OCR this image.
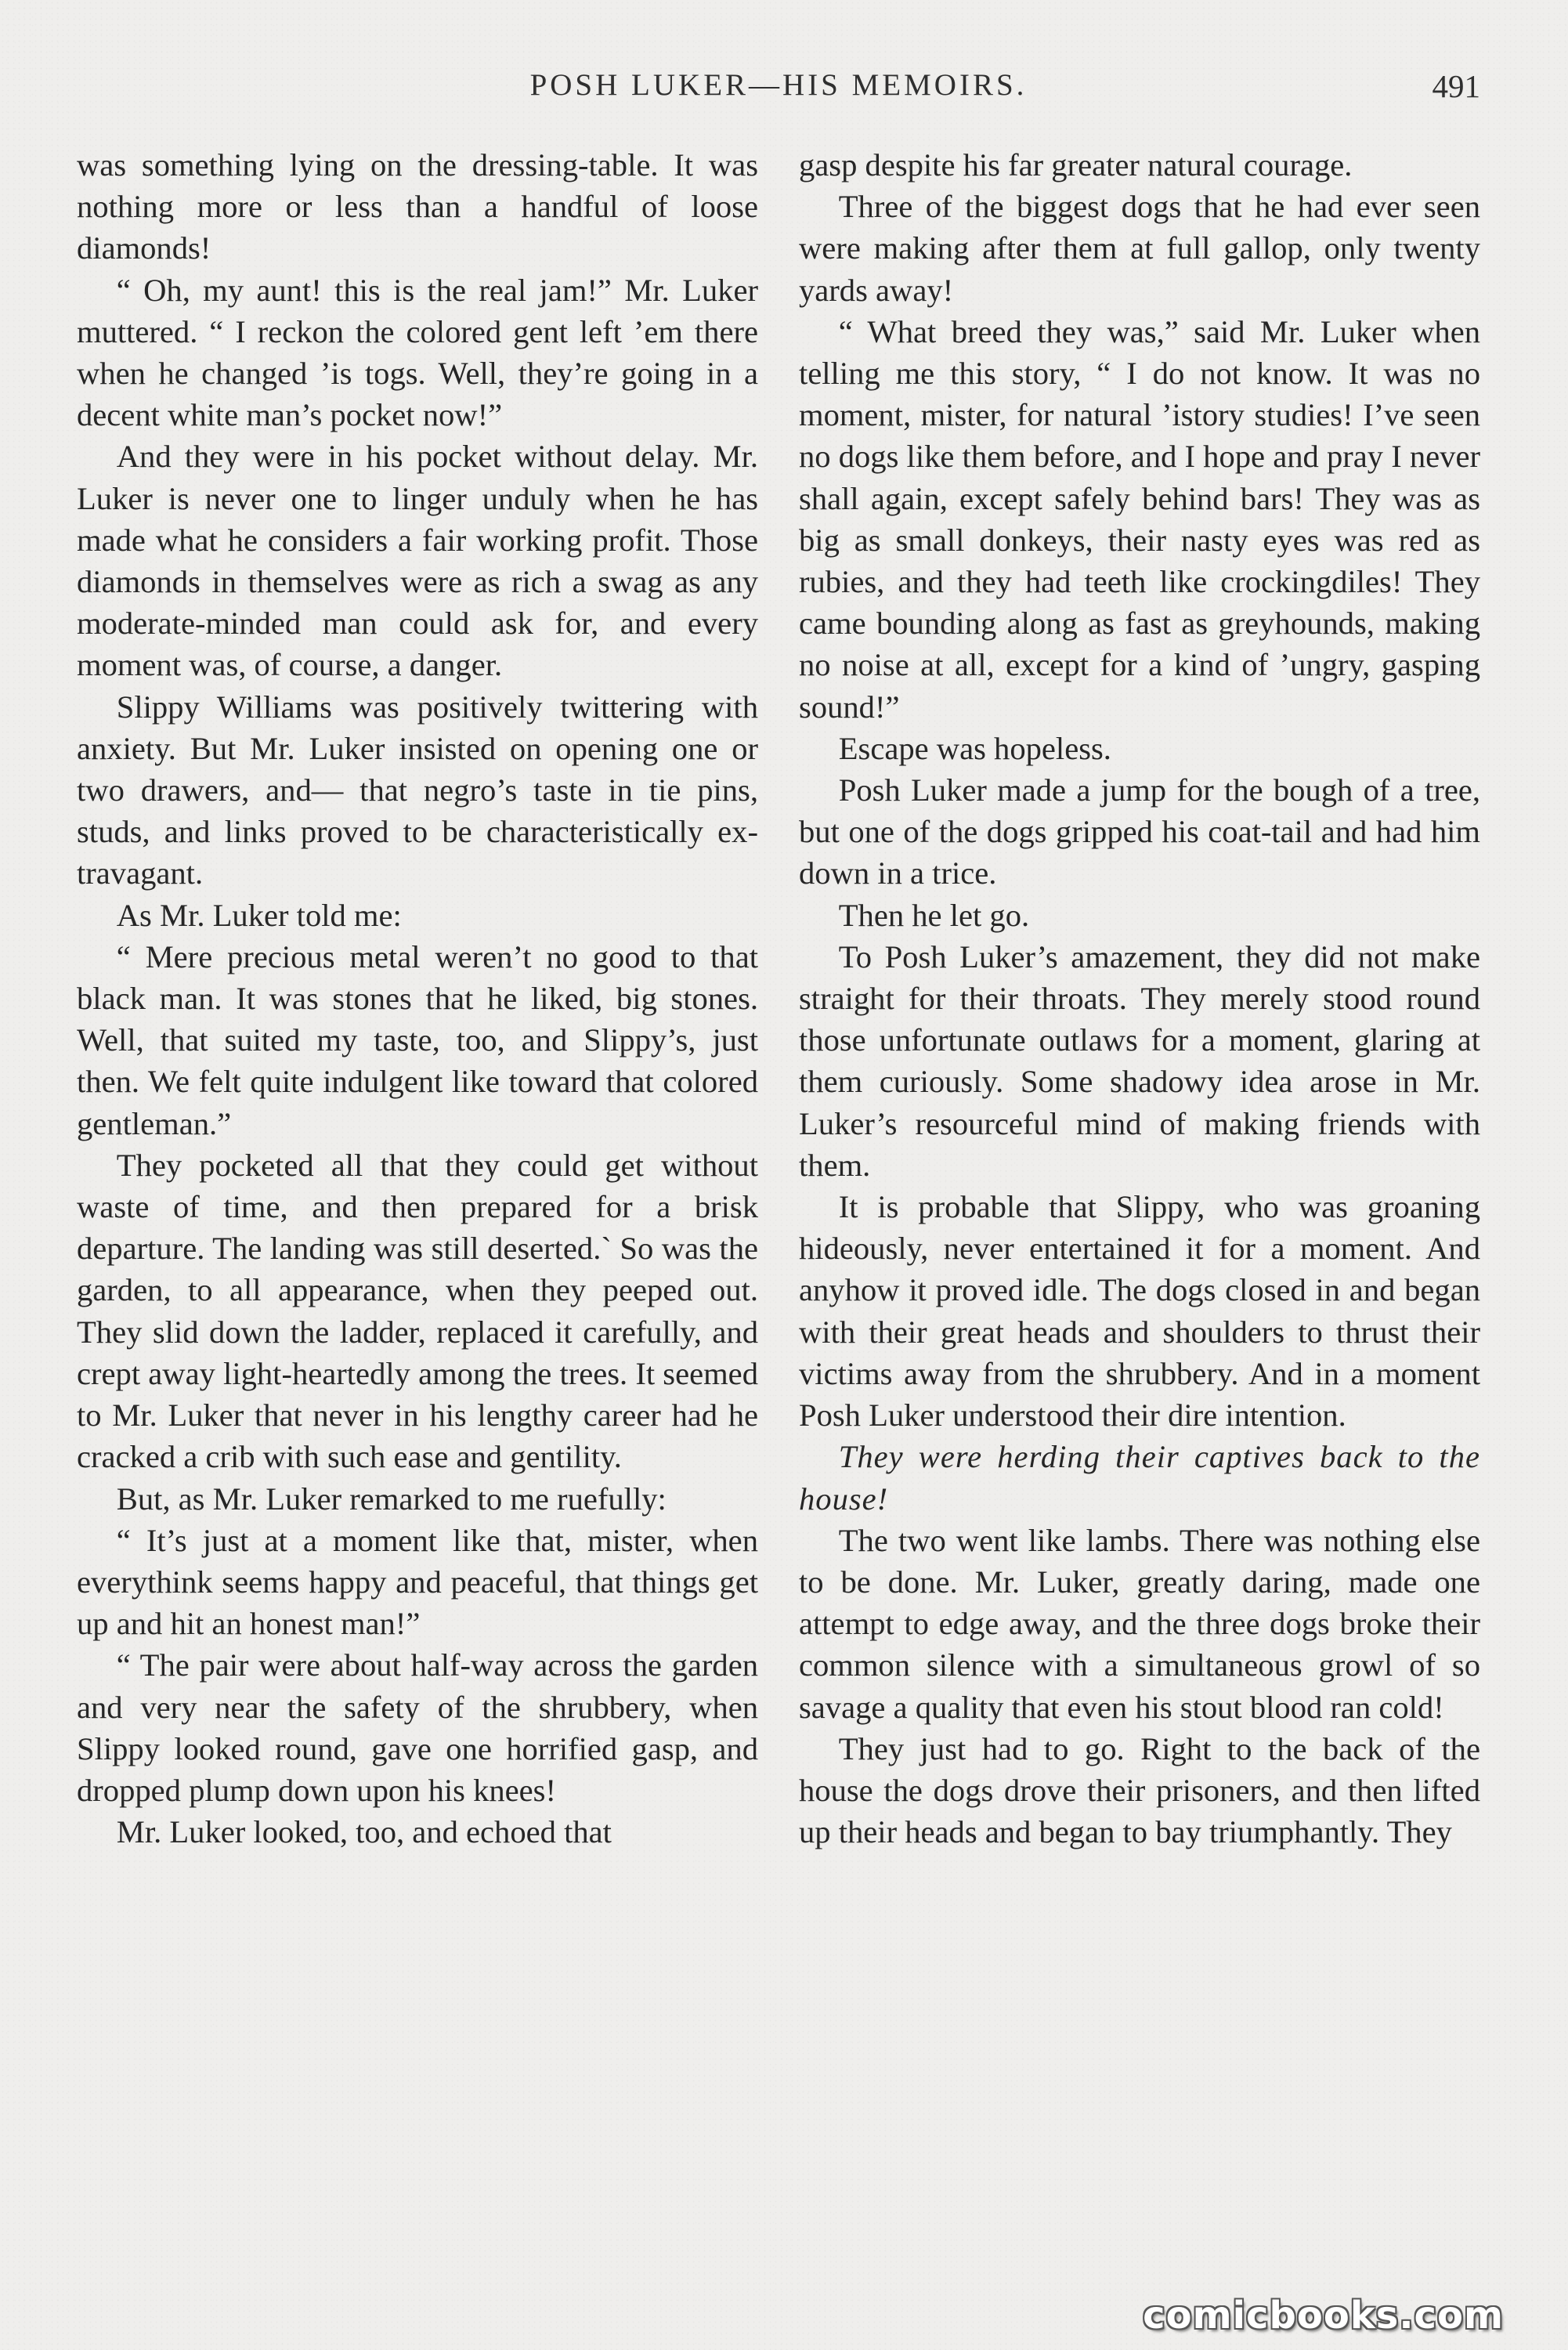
POSH LUKER—HIS MEMOIRS.	491

was something lying on the dressing-table. It was nothing more or less than a handful of loose diamonds!

“ Oh, my aunt! this is the real jam!” Mr. Luker muttered. “ I reckon the colored gent left ’em there when he changed ’is togs. Well, they’re going in a decent white man’s pocket now!”

And they were in his pocket without delay. Mr. Luker is never one to linger unduly when he has made what he considers a fair working profit. Those diamonds in themselves were as rich a swag as any moderate-minded man could ask for, and every moment was, of course, a danger.

Slippy Williams was positively twittering with anxiety. But Mr. Luker insisted on opening one or two drawers, and— that negro’s taste in tie pins, studs, and links proved to be characteristically extravagant.

As Mr. Luker told me:

“ Mere precious metal weren’t no good to that black man. It was stones that he liked, big stones. Well, that suited my taste, too, and Slippy’s, just then. We felt quite indulgent like toward that colored gentleman.”

They pocketed all that they could get without waste of time, and then prepared for a brisk departure. The landing was still deserted.` So was the garden, to all appearance, when they peeped out. They slid down the ladder, replaced it carefully, and crept away light-heartedly among the trees. It seemed to Mr. Luker that never in his lengthy career had he cracked a crib with such ease and gentility.

But, as Mr. Luker remarked to me ruefully:

“ It’s just at a moment like that, mister, when everythink seems happy and peaceful, that things get up and hit an honest man!”

“ The pair were about half-way across the garden and very near the safety of the shrubbery, when Slippy looked round, gave one horrified gasp, and dropped plump down upon his knees!

Mr. Luker looked, too, and echoed that

gasp despite his far greater natural courage.

Three of the biggest dogs that he had ever seen were making after them at full gallop, only twenty yards away!

“ What breed they was,” said Mr. Luker when telling me this story, “ I do not know. It was no moment, mister, for natural ’istory studies! I’ve seen no dogs like them before, and I hope and pray I never shall again, except safely behind bars! They was as big as small donkeys, their nasty eyes was red as rubies, and they had teeth like crockingdiles! They came bounding along as fast as greyhounds, making no noise at all, except for a kind of ’ungry, gasping sound!”

Escape was hopeless.

Posh Luker made a jump for the bough of a tree, but one of the dogs gripped his coat-tail and had him down in a trice.

Then he let go.

To Posh Luker’s amazement, they did not make straight for their throats. They merely stood round those unfortunate outlaws for a moment, glaring at them curiously. Some shadowy idea arose in Mr. Luker’s resourceful mind of making friends with them.

It is probable that Slippy, who was groaning hideously, never entertained it for a moment. And anyhow it proved idle. The dogs closed in and began with their great heads and shoulders to thrust their victims away from the shrubbery. And in a moment Posh Luker understood their dire intention.

They were herding their captives back to the house!

The two went like lambs. There was nothing else to be done. Mr. Luker, greatly daring, made one attempt to edge away, and the three dogs broke their common silence with a simultaneous growl of so savage a quality that even his stout blood ran cold!

They just had to go. Right to the back of the house the dogs drove their prisoners, and then lifted up their heads and began to bay triumphantly. They

comicbooks.com
